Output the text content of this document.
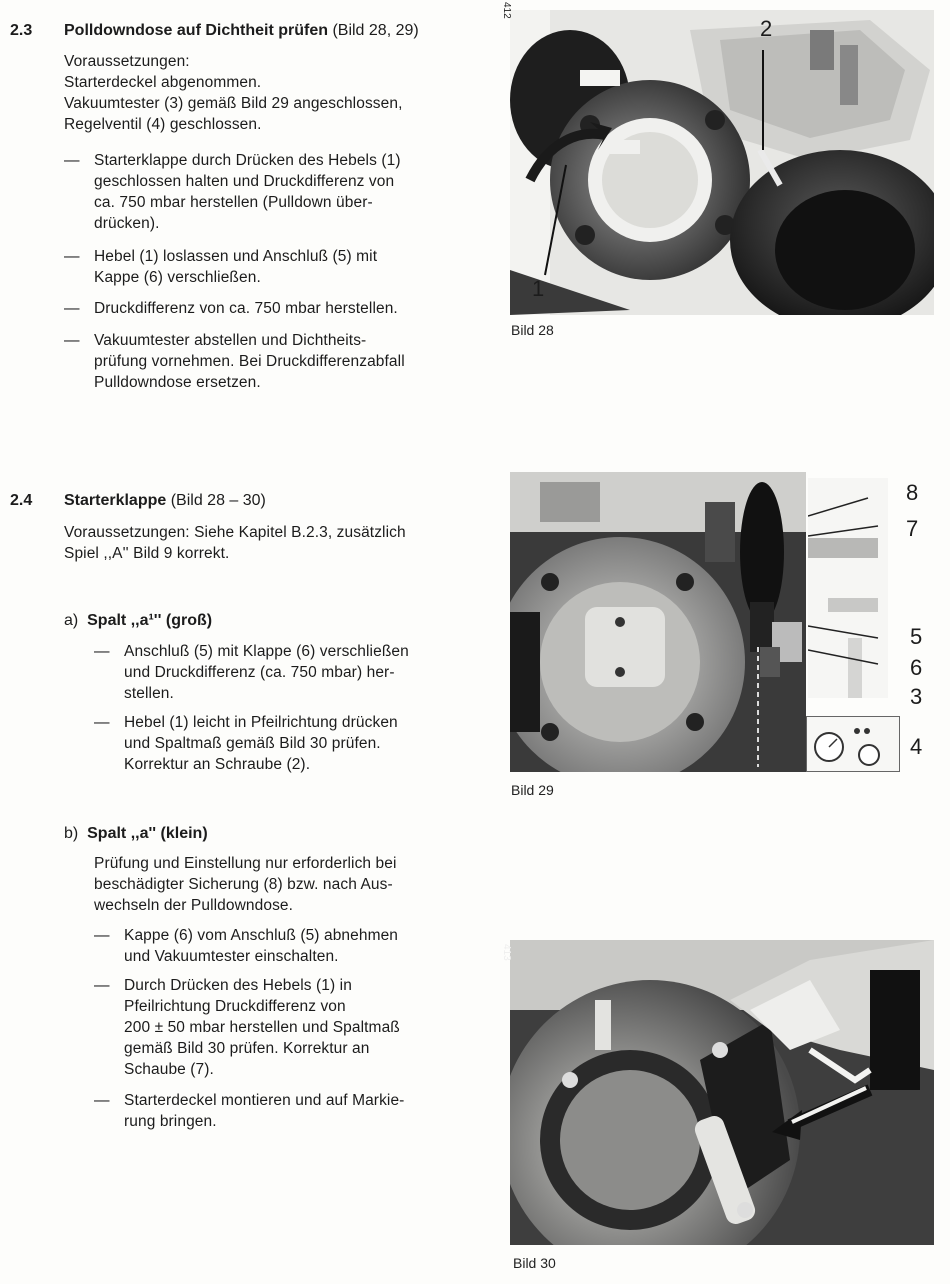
2.3 Polldowndose auf Dichtheit prüfen (Bild 28, 29)
Voraussetzungen:
Starterdeckel abgenommen.
Vakuumtester (3) gemäß Bild 29 angeschlossen,
Regelventil (4) geschlossen.
— Starterklappe durch Drücken des Hebels (1)
geschlossen halten und Druckdifferenz von
ca. 750 mbar herstellen (Pulldown über-
drücken).
— Hebel (1) loslassen und Anschluß (5) mit
Kappe (6) verschließen.
— Druckdifferenz von ca. 750 mbar herstellen.
— Vakuumtester abstellen und Dichtheits-
prüfung vornehmen. Bei Druckdifferenzabfall
Pulldowndose ersetzen.
2.4 Starterklappe (Bild 28 – 30)
Voraussetzungen: Siehe Kapitel B.2.3, zusätzlich
Spiel ,,A'' Bild 9 korrekt.
a) Spalt ,,a¹'' (groß)
— Anschluß (5) mit Klappe (6) verschließen
und Druckdifferenz (ca. 750 mbar) her-
stellen.
— Hebel (1) leicht in Pfeilrichtung drücken
und Spaltmaß gemäß Bild 30 prüfen.
Korrektur an Schraube (2).
b) Spalt ,,a'' (klein)
Prüfung und Einstellung nur erforderlich bei
beschädigter Sicherung (8) bzw. nach Aus-
wechseln der Pulldowndose.
— Kappe (6) vom Anschluß (5) abnehmen
und Vakuumtester einschalten.
— Durch Drücken des Hebels (1) in
Pfeilrichtung Druckdifferenz von
200 ± 50 mbar herstellen und Spaltmaß
gemäß Bild 30 prüfen. Korrektur an
Schaube (7).
— Starterdeckel montieren und auf Markie-
rung bringen.
412
2
1
Bild 28
8
7
5
6
3
4
Bild 29
413
Bild 30
